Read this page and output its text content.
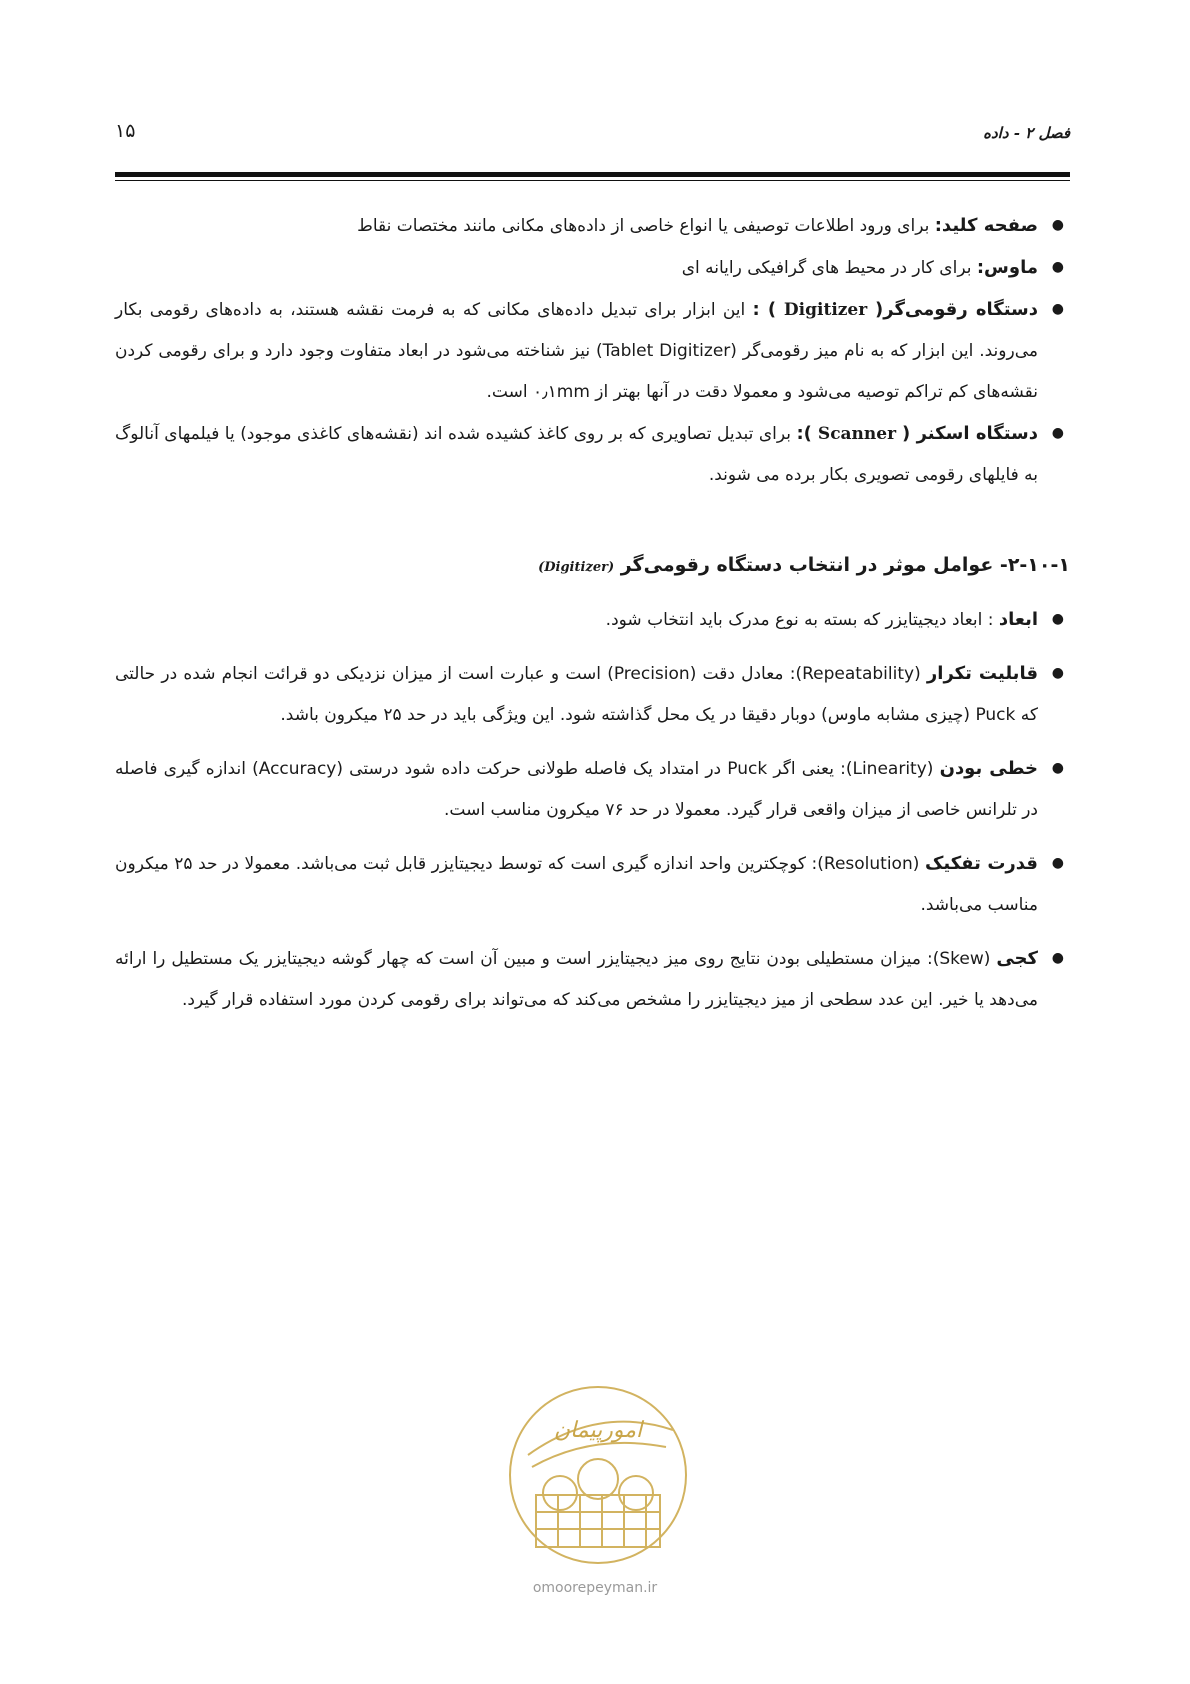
فصل ۲ - داده
۱۵
●
صفحه کلید: برای ورود اطلاعات توصیفی یا انواع خاصی از داده‌های مکانی مانند مختصات نقاط
●
ماوس: برای کار در محیط های گرافیکی رایانه ای
●
دستگاه رقومی‌گر( Digitizer ) : این ابزار برای تبدیل داده‌های مکانی که به فرمت نقشه هستند، به داده‌های رقومی بکار می‌روند. این ابزار که به نام میز رقومی‌گر (Tablet Digitizer) نیز شناخته می‌شود در ابعاد متفاوت وجود دارد و برای رقومی کردن نقشه‌های کم تراکم توصیه می‌شود و معمولا دقت در آنها بهتر از ۰٫۱mm است.
●
دستگاه اسکنر ( Scanner ): برای تبدیل تصاویری که بر روی کاغذ کشیده شده اند (نقشه‌های کاغذی موجود) یا فیلمهای آنالوگ به فایلهای رقومی تصویری بکار برده می شوند.
۲-۱۰-۱- عوامل موثر در انتخاب دستگاه رقومی‌گر (Digitizer)
●
ابعاد : ابعاد دیجیتایزر که بسته به نوع مدرک باید انتخاب شود.
●
قابلیت تکرار (Repeatability): معادل دقت (Precision) است و عبارت است از میزان نزدیکی دو قرائت انجام شده در حالتی که Puck (چیزی مشابه ماوس) دوبار دقیقا در یک محل گذاشته شود. این ویژگی باید در حد ۲۵ میکرون باشد.
●
خطی بودن (Linearity): یعنی اگر Puck در امتداد یک فاصله طولانی حرکت داده شود درستی (Accuracy) اندازه گیری فاصله در تلرانس خاصی از میزان واقعی قرار گیرد. معمولا در حد ۷۶ میکرون مناسب است.
●
قدرت تفکیک (Resolution): کوچکترین واحد اندازه گیری است که توسط دیجیتایزر قابل ثبت می‌باشد. معمولا در حد ۲۵ میکرون مناسب می‌باشد.
●
کجی (Skew): میزان مستطیلی بودن نتایج روی میز دیجیتایزر است و مبین آن است که چهار گوشه دیجیتایزر یک مستطیل را ارائه می‌دهد یا خیر. این عدد سطحی از میز دیجیتایزر را مشخص می‌کند که می‌تواند برای رقومی کردن مورد استفاده قرار گیرد.
امورپیمان
omoorepeyman.ir
